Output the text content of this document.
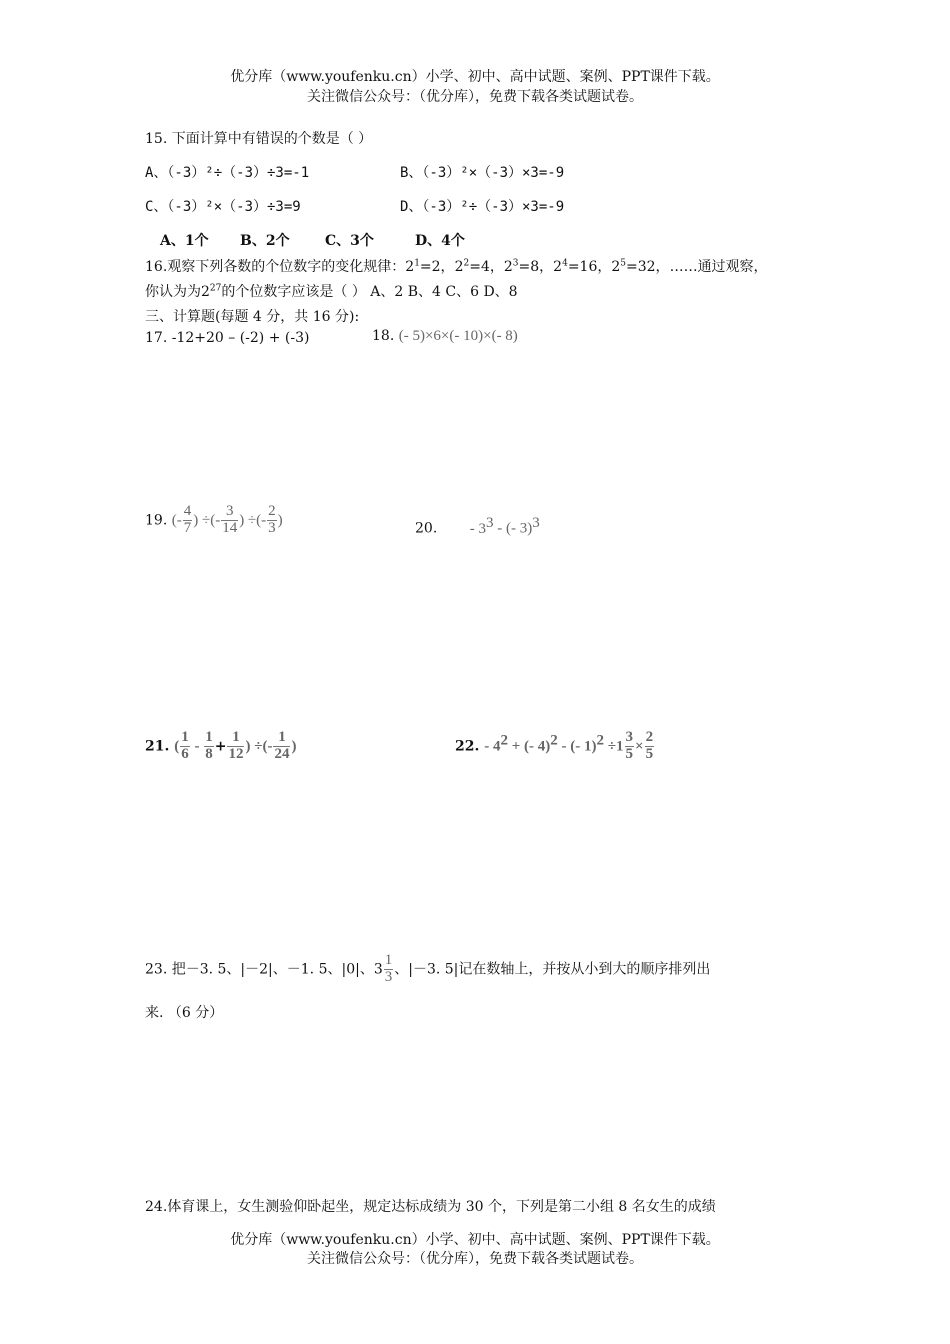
优分库（www.youfenku.cn）小学、初中、高中试题、案例、PPT课件下载。
关注微信公众号：（优分库），免费下载各类试题试卷。
15. 下面计算中有错误的个数是（ ）
A、（-3）²÷（-3）÷3=-1	B、（-3）²×（-3）×3=-9
C、（-3）²×（-3）÷3=9	D、（-3）²÷（-3）×3=-9
A、1个 B、2个	C、3个	D、4个
16.观察下列各数的个位数字的变化规律：$2^1=2$，$2^2=4$，$2^3=8$，$2^4=16$，$2^5=32$，……通过观察，
你认为为$2^{27}$的个位数字应该是（ ） A、2 B、4 C、6 D、8
三、计算题(每题 4 分，共 16 分):
17. -12+20 – (-2) + (-3)	18. (- 5)×6×(- 10)×(- 8)
19. (- $\frac{4}{7}$ ) ÷(- $\frac{3}{14}$ ) ÷(- $\frac{2}{3}$ )
20. - $3^3$ - (- 3)$^3$
21. ( $\frac{1}{6} - \frac{1}{8} + \frac{1}{12}$ ) ÷(- $\frac{1}{24}$ )	22. - $4^2$ + (- 4)$^2$ - (- $1)^2 \div 1 \frac{3}{5} \times \frac{2}{5}$
23. 把－3. 5、|－2|、－1. 5、|0|、$3 \frac{1}{3}$ 、|－3. 5|记在数轴上，并按从小到大的顺序排列出
来. （6 分）
24.体育课上，女生测验仰卧起坐，规定达标成绩为 30 个，下列是第二小组 8 名女生的成绩
优分库（www.youfenku.cn）小学、初中、高中试题、案例、PPT课件下载。
关注微信公众号：（优分库），免费下载各类试题试卷。
